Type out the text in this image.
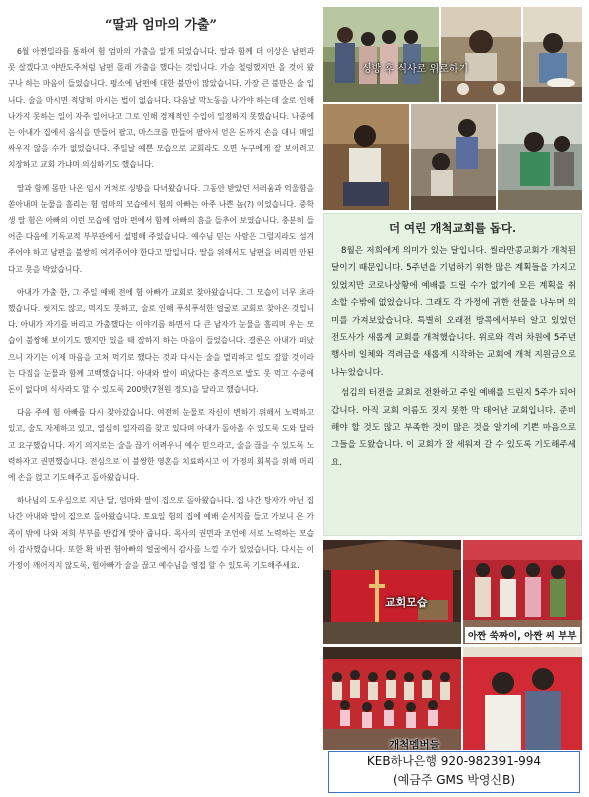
“딸과 엄마의 가출”

6월 아짠밀라를 통하여 험 엄마의 가출을 알게 되었습니다. 딸과 함께 더 이상은 남편과 못 살겠다고 야반도주처럼 남편 몰래 가출을 했다는 것입니다. 가슴 철렁했지만 올 것이 왔구나 하는 마음이 들었습니다. 평소에 남편에 대한 불만이 많았습니다. 가장 큰 불만은 술 입니다. 술을 마시면 적당히 마시는 법이 없습니다. 다음날 막노동을 나가야 하는데 술로 인해 나가지 못하는 일이 자주 일어나고 그로 인해 경제적인 수입이 일정하지 못했습니다. 나중에는 아내가 집에서 음식을 만들어 팔고, 마스크를 만들어 팔아서 얻은 돈까지 손을 대니 매일 싸우지 않을 수가 없었습니다. 주일날 예쁜 모습으로 교회라도 오면 누구에게 잘 보이려고 치장하고 교회 가냐며 의심하기도 했습니다.

딸과 함께 몸만 나온 임시 거처로 싱방을 다녀왔습니다. 그동안 받았던 서러움과 억울함을 쏟아내며 눈물을 흘리는 험 엄마의 모습에서 험의 아빠는 아주 나쁜 놈(?) 이었습니다. 중학생 딸 험은 아빠의 이런 모습에 엄마 편에서 함께 아빠의 흠을 들추어 보였습니다. 충분히 들어준 다음에 기독교적 부부관에서 설명해 주었습니다. 예수님 믿는 사람은 그럴지라도 섬겨주어야 하고 남편을 불쌍히 여겨주어야 한다고 말입니다. 딸을 위해서도 남편을 버리면 안된다고 못을 박았습니다.

아내가 가출 한, 그 주일 예배 전에 험 아빠가 교회로 찾아왔습니다. 그 모습이 너무 초라했습니다. 씻지도 않고, 먹지도 못하고, 술로 인해 푸석푸석한 얼굴로 교회로 찾아온 것입니다. 아내가 자기를 버리고 가출했다는 이야기를 하면서 다 큰 남자가 눈물을 흘리며 우는 모습이 불쌍해 보이기도 했지만 있을 때 잘하지 하는 마음이 들었습니다. 결론은 아내가 떠났으니 자기는 이제 마음을 고쳐 먹기로 했다는 것과 다시는 술을 멀리하고 일도 잘할 것이라는 다짐을 눈물과 함께 고백했습니다. 아내와 딸이 떠났다는 충격으로 밥도 못 먹고 수중에 돈이 없다며 식사라도 할 수 있도록 200밧(7천원 정도)을 달라고 했습니다.

다음 주에 험 아빠를 다시 찾아갔습니다. 여전히 눈물로 자신이 변하기 위해서 노력하고 있고, 술도 자제하고 있고, 열심히 일자리를 찾고 있다며 아내가 돌아올 수 있도록 도와 달라고 요구했습니다. 자기 의지로는 술을 끊기 어려우니 예수 믿으라고, 술을 끊을 수 있도록 노력하자고 권면했습니다. 전심으로 이 불쌍한 영혼을 치료하시고 이 가정의 회복을 위해 머리에 손을 얹고 기도해주고 돌아왔습니다.

하나님의 도우심으로 지난 달, 엄마와 딸이 집으로 돌아왔습니다. 집 나간 탕자가 아닌 집 나간 아내와 딸이 집으로 돌아왔습니다. 토요일 험의 집에 예배 순서지를 들고 가보니 온 가족이 밖에 나와 저희 부부를 반갑게 맞아 줍니다. 목사의 권면과 조언에 서로 노력하는 모습이 감사했습니다. 또한 확 바뀐 험아빠의 얼굴에서 감사를 느낄 수가 있었습니다. 다시는 이 가정이 깨어지지 않도록, 험아빠가 술을 끊고 예수님을 영접 할 수 있도록 기도해주세요.

싱방 후 식사로 위로하기
더 여린 개척교회를 돕다.

8월은 저희에게 의미가 있는 달입니다. 씰라만콩교회가 개척된 달이기 때문입니다. 5주년을 기념하기 위한 많은 계획들을 가지고 있었지만 코로나상황에 예배를 드릴 수가 없기에 모든 계획을 취소할 수밖에 없었습니다. 그래도 각 가정에 귀한 선물을 나누며 의미를 가져보았습니다. 특별히 오래전 방콕에서부터 알고 있었던 전도사가 새롭게 교회를 개척했습니다. 위로와 격려 차원에 5주년 행사비 일체와 격려금을 새롭게 시작하는 교회에 개척 지원금으로 나누었습니다.

섬김의 터전을 교회로 전환하고 주일 예배를 드린지 5주가 되어 갑니다. 아직 교회 이름도 짓지 못한 막 태어난 교회입니다. 준비해야 할 것도 많고 부족한 것이 많은 것을 알기에 기쁜 마음으로 그들을 도왔습니다. 이 교회가 잘 세워져 갈 수 있도록 기도해주세요.

교회모습
아짠 쑥짜이, 아짠 씨 부부
개척멤버들
KEB하나은행 920-982391-994
(예금주 GMS 박영신B)
